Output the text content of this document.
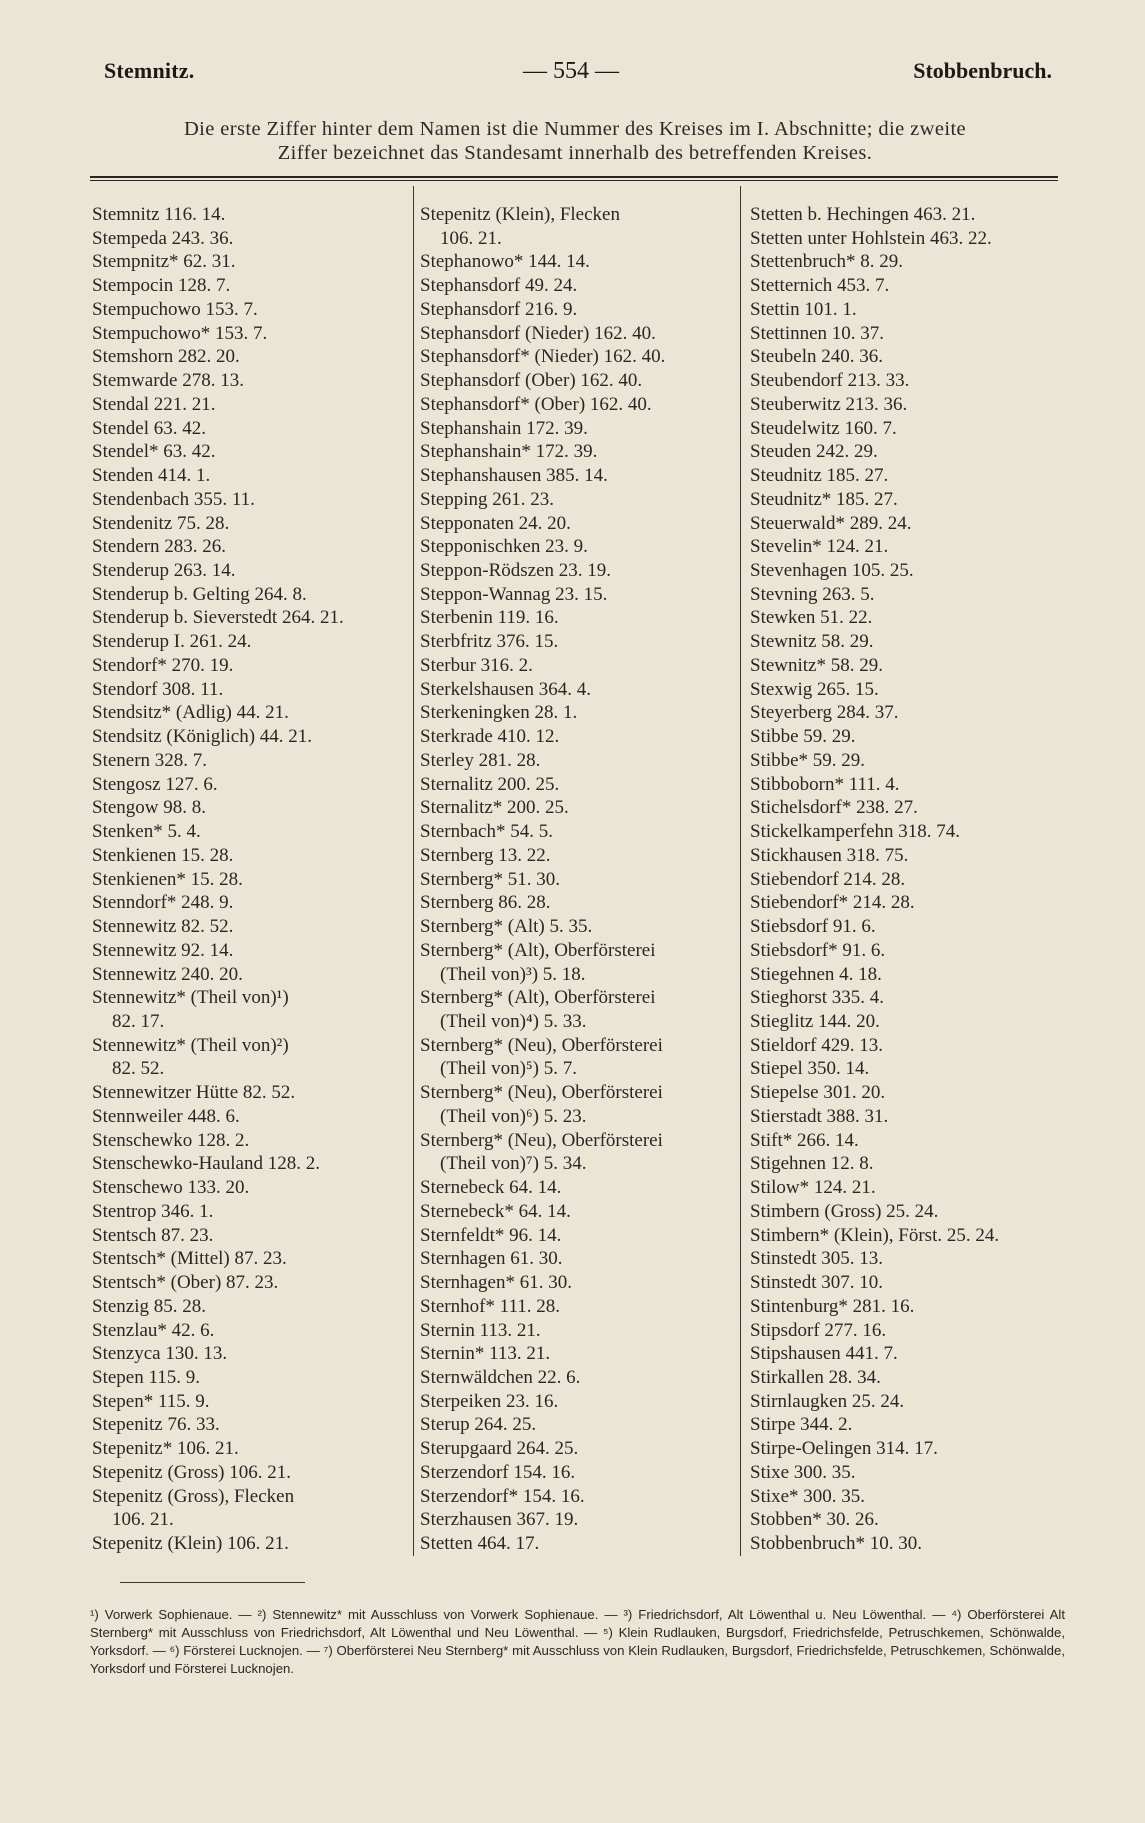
Stemnitz.	— 554 —	Stobbenbruch.
Die erste Ziffer hinter dem Namen ist die Nummer des Kreises im I. Abschnitte; die zweite
Ziffer bezeichnet das Standesamt innerhalb des betreffenden Kreises.
Stemnitz 116. 14.
Stempeda 243. 36.
Stempnitz* 62. 31.
Stempocin 128. 7.
Stempuchowo 153. 7.
Stempuchowo* 153. 7.
Stemshorn 282. 20.
Stemwarde 278. 13.
Stendal 221. 21.
Stendel 63. 42.
Stendel* 63. 42.
Stenden 414. 1.
Stendenbach 355. 11.
Stendenitz 75. 28.
Stendern 283. 26.
Stenderup 263. 14.
Stenderup b. Gelting 264. 8.
Stenderup b. Sieverstedt 264. 21.
Stenderup I. 261. 24.
Stendorf* 270. 19.
Stendorf 308. 11.
Stendsitz* (Adlig) 44. 21.
Stendsitz (Königlich) 44. 21.
Stenern 328. 7.
Stengosz 127. 6.
Stengow 98. 8.
Stenken* 5. 4.
Stenkienen 15. 28.
Stenkienen* 15. 28.
Stenndorf* 248. 9.
Stennewitz 82. 52.
Stennewitz 92. 14.
Stennewitz 240. 20.
Stennewitz* (Theil von)¹)
82. 17.
Stennewitz* (Theil von)²)
82. 52.
Stennewitzer Hütte 82. 52.
Stennweiler 448. 6.
Stenschewko 128. 2.
Stenschewko-Hauland 128. 2.
Stenschewo 133. 20.
Stentrop 346. 1.
Stentsch 87. 23.
Stentsch* (Mittel) 87. 23.
Stentsch* (Ober) 87. 23.
Stenzig 85. 28.
Stenzlau* 42. 6.
Stenzyca 130. 13.
Stepen 115. 9.
Stepen* 115. 9.
Stepenitz 76. 33.
Stepenitz* 106. 21.
Stepenitz (Gross) 106. 21.
Stepenitz (Gross), Flecken
106. 21.
Stepenitz (Klein) 106. 21.
Stepenitz (Klein), Flecken
106. 21.
Stephanowo* 144. 14.
Stephansdorf 49. 24.
Stephansdorf 216. 9.
Stephansdorf (Nieder) 162. 40.
Stephansdorf* (Nieder) 162. 40.
Stephansdorf (Ober) 162. 40.
Stephansdorf* (Ober) 162. 40.
Stephanshain 172. 39.
Stephanshain* 172. 39.
Stephanshausen 385. 14.
Stepping 261. 23.
Stepponaten 24. 20.
Stepponischken 23. 9.
Steppon-Rödszen 23. 19.
Steppon-Wannag 23. 15.
Sterbenin 119. 16.
Sterbfritz 376. 15.
Sterbur 316. 2.
Sterkelshausen 364. 4.
Sterkeningken 28. 1.
Sterkrade 410. 12.
Sterley 281. 28.
Sternalitz 200. 25.
Sternalitz* 200. 25.
Sternbach* 54. 5.
Sternberg 13. 22.
Sternberg* 51. 30.
Sternberg 86. 28.
Sternberg* (Alt) 5. 35.
Sternberg* (Alt), Oberförsterei
(Theil von)³) 5. 18.
Sternberg* (Alt), Oberförsterei
(Theil von)⁴) 5. 33.
Sternberg* (Neu), Oberförsterei
(Theil von)⁵) 5. 7.
Sternberg* (Neu), Oberförsterei
(Theil von)⁶) 5. 23.
Sternberg* (Neu), Oberförsterei
(Theil von)⁷) 5. 34.
Sternebeck 64. 14.
Sternebeck* 64. 14.
Sternfeldt* 96. 14.
Sternhagen 61. 30.
Sternhagen* 61. 30.
Sternhof* 111. 28.
Sternin 113. 21.
Sternin* 113. 21.
Sternwäldchen 22. 6.
Sterpeiken 23. 16.
Sterup 264. 25.
Sterupgaard 264. 25.
Sterzendorf 154. 16.
Sterzendorf* 154. 16.
Sterzhausen 367. 19.
Stetten 464. 17.
Stetten b. Hechingen 463. 21.
Stetten unter Hohlstein 463. 22.
Stettenbruch* 8. 29.
Stetternich 453. 7.
Stettin 101. 1.
Stettinnen 10. 37.
Steubeln 240. 36.
Steubendorf 213. 33.
Steuberwitz 213. 36.
Steudelwitz 160. 7.
Steuden 242. 29.
Steudnitz 185. 27.
Steudnitz* 185. 27.
Steuerwald* 289. 24.
Stevelin* 124. 21.
Stevenhagen 105. 25.
Stevning 263. 5.
Stewken 51. 22.
Stewnitz 58. 29.
Stewnitz* 58. 29.
Stexwig 265. 15.
Steyerberg 284. 37.
Stibbe 59. 29.
Stibbe* 59. 29.
Stibboborn* 111. 4.
Stichelsdorf* 238. 27.
Stickelkamperfehn 318. 74.
Stickhausen 318. 75.
Stiebendorf 214. 28.
Stiebendorf* 214. 28.
Stiebsdorf 91. 6.
Stiebsdorf* 91. 6.
Stiegehnen 4. 18.
Stieghorst 335. 4.
Stieglitz 144. 20.
Stieldorf 429. 13.
Stiepel 350. 14.
Stiepelse 301. 20.
Stierstadt 388. 31.
Stift* 266. 14.
Stigehnen 12. 8.
Stilow* 124. 21.
Stimbern (Gross) 25. 24.
Stimbern* (Klein), Först. 25. 24.
Stinstedt 305. 13.
Stinstedt 307. 10.
Stintenburg* 281. 16.
Stipsdorf 277. 16.
Stipshausen 441. 7.
Stirkallen 28. 34.
Stirnlaugken 25. 24.
Stirpe 344. 2.
Stirpe-Oelingen 314. 17.
Stixe 300. 35.
Stixe* 300. 35.
Stobben* 30. 26.
Stobbenbruch* 10. 30.
¹) Vorwerk Sophienaue. — ²) Stennewitz* mit Ausschluss von Vorwerk Sophienaue. — ³) Friedrichsdorf, Alt Löwenthal u. Neu Löwenthal. — ⁴) Oberförsterei Alt Sternberg* mit Ausschluss von Friedrichsdorf, Alt Löwenthal und Neu Löwenthal. — ⁵) Klein Rudlauken, Burgsdorf, Friedrichsfelde, Petruschkemen, Schönwalde, Yorksdorf. — ⁶) Försterei Lucknojen. — ⁷) Oberförsterei Neu Sternberg* mit Ausschluss von Klein Rudlauken, Burgsdorf, Friedrichsfelde, Petruschkemen, Schönwalde, Yorksdorf und Försterei Lucknojen.
